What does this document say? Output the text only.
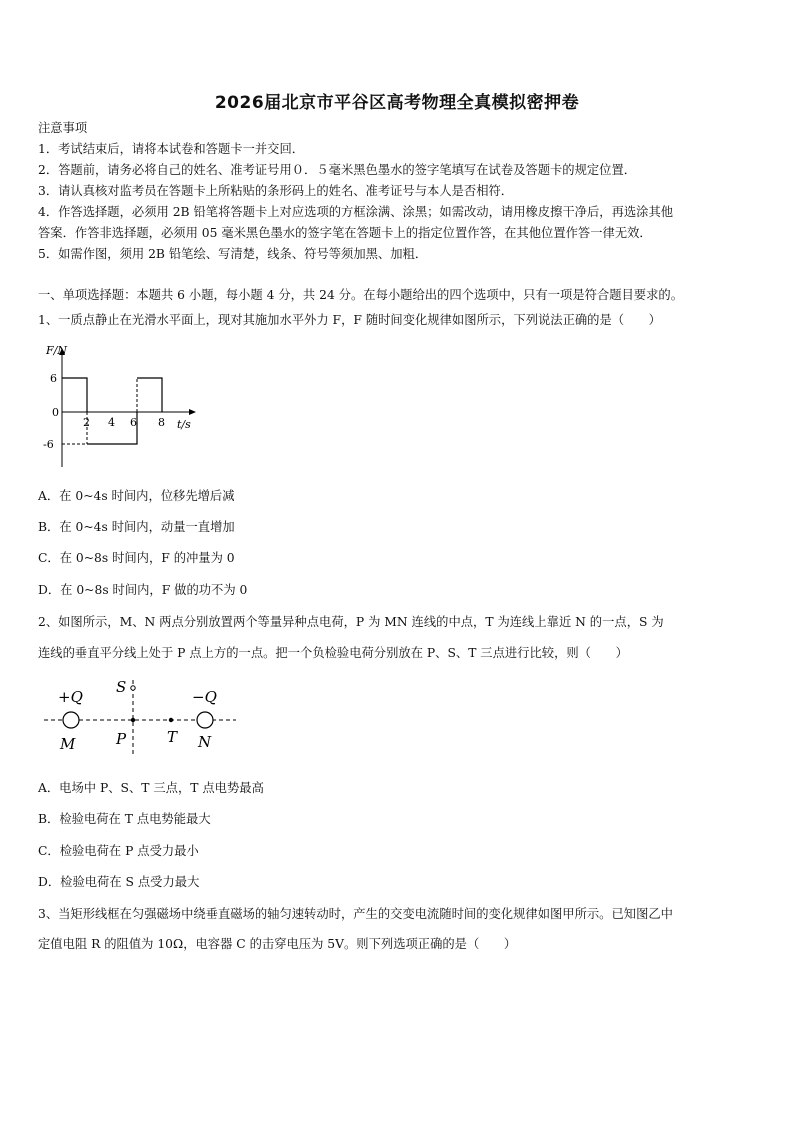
2026届北京市平谷区高考物理全真模拟密押卷
注意事项
1．考试结束后，请将本试卷和答题卡一并交回．
2．答题前，请务必将自己的姓名、准考证号用０．５毫米黑色墨水的签字笔填写在试卷及答题卡的规定位置．
3．请认真核对监考员在答题卡上所粘贴的条形码上的姓名、准考证号与本人是否相符．
4．作答选择题，必须用 2B 铅笔将答题卡上对应选项的方框涂满、涂黑；如需改动，请用橡皮擦干净后，再选涂其他
答案．作答非选择题，必须用 05 毫米黑色墨水的签字笔在答题卡上的指定位置作答，在其他位置作答一律无效．
5．如需作图，须用 2B 铅笔绘、写清楚，线条、符号等须加黑、加粗．
一、单项选择题：本题共 6 小题，每小题 4 分，共 24 分。在每小题给出的四个选项中，只有一项是符合题目要求的。
1、一质点静止在光滑水平面上，现对其施加水平外力 F，F 随时间变化规律如图所示，下列说法正确的是（　　）
F/N
t/s
6
0
-6
2 4 6 8
A．在 0~4s 时间内，位移先增后减
B．在 0~4s 时间内，动量一直增加
C．在 0~8s 时间内，F 的冲量为 0
D．在 0~8s 时间内，F 做的功不为 0
2、如图所示，M、N 两点分别放置两个等量异种点电荷，P 为 MN 连线的中点，T 为连线上靠近 N 的一点，S 为
连线的垂直平分线上处于 P 点上方的一点。把一个负检验电荷分别放在 P、S、T 三点进行比较，则（　　）
+Q	−Q
M	N
P	T
S
A．电场中 P、S、T 三点，T 点电势最高
B．检验电荷在 T 点电势能最大
C．检验电荷在 P 点受力最小
D．检验电荷在 S 点受力最大
3、当矩形线框在匀强磁场中绕垂直磁场的轴匀速转动时，产生的交变电流随时间的变化规律如图甲所示。已知图乙中
定值电阻 R 的阻值为 10Ω，电容器 C 的击穿电压为 5V。则下列选项正确的是（　　）
